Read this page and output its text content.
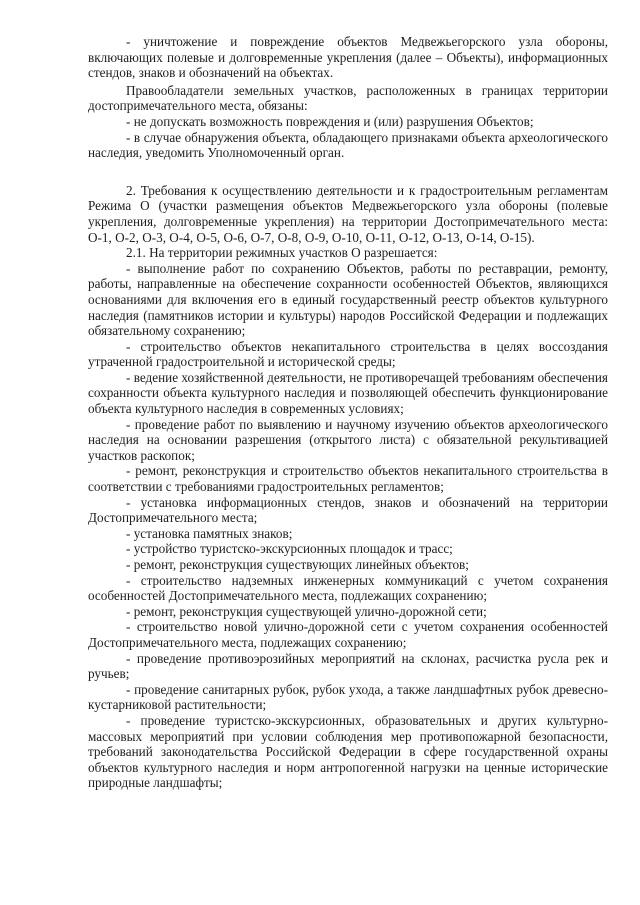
- уничтожение и повреждение объектов Медвежьегорского узла обороны, включающих полевые и долговременные укрепления (далее – Объекты), информационных стендов, знаков и обозначений на объектах.

Правообладатели земельных участков, расположенных в границах территории достопримечательного места, обязаны:

- не допускать возможность повреждения и (или) разрушения Объектов;

- в случае обнаружения объекта, обладающего признаками объекта археологического наследия, уведомить Уполномоченный орган.

2. Требования к осуществлению деятельности и к градостроительным регламентам Режима О (участки размещения объектов Медвежьегорского узла обороны (полевые укрепления, долговременные укрепления) на территории Достопримечательного места: О-1, О-2, О-3, О-4, О-5, О-6, О-7, О-8, О-9, О-10, О-11, О-12, О-13, О-14, О-15).

2.1. На территории режимных участков О разрешается:

- выполнение работ по сохранению Объектов, работы по реставрации, ремонту, работы, направленные на обеспечение сохранности особенностей Объектов, являющихся основаниями для включения его в единый государственный реестр объектов культурного наследия (памятников истории и культуры) народов Российской Федерации и подлежащих обязательному сохранению;

- строительство объектов некапитального строительства в целях воссоздания утраченной градостроительной и исторической среды;

- ведение хозяйственной деятельности, не противоречащей требованиям обеспечения сохранности объекта культурного наследия и позволяющей обеспечить функционирование объекта культурного наследия в современных условиях;

- проведение работ по выявлению и научному изучению объектов археологического наследия на основании разрешения (открытого листа) с обязательной рекультивацией участков раскопок;

- ремонт, реконструкция и строительство объектов некапитального строительства в соответствии с требованиями градостроительных регламентов;

- установка информационных стендов, знаков и обозначений на территории Достопримечательного места;

- установка памятных знаков;

- устройство туристско-экскурсионных площадок и трасс;

- ремонт, реконструкция существующих линейных объектов;

- строительство надземных инженерных коммуникаций с учетом сохранения особенностей Достопримечательного места, подлежащих сохранению;

- ремонт, реконструкция существующей улично-дорожной сети;

- строительство новой улично-дорожной сети с учетом сохранения особенностей Достопримечательного места, подлежащих сохранению;

- проведение противоэрозийных мероприятий на склонах, расчистка русла рек и ручьев;

- проведение санитарных рубок, рубок ухода, а также ландшафтных рубок древесно-кустарниковой растительности;

- проведение туристско-экскурсионных, образовательных и других культурно-массовых мероприятий при условии соблюдения мер противопожарной безопасности, требований законодательства Российской Федерации в сфере государственной охраны объектов культурного наследия и норм антропогенной нагрузки на ценные исторические природные ландшафты;
